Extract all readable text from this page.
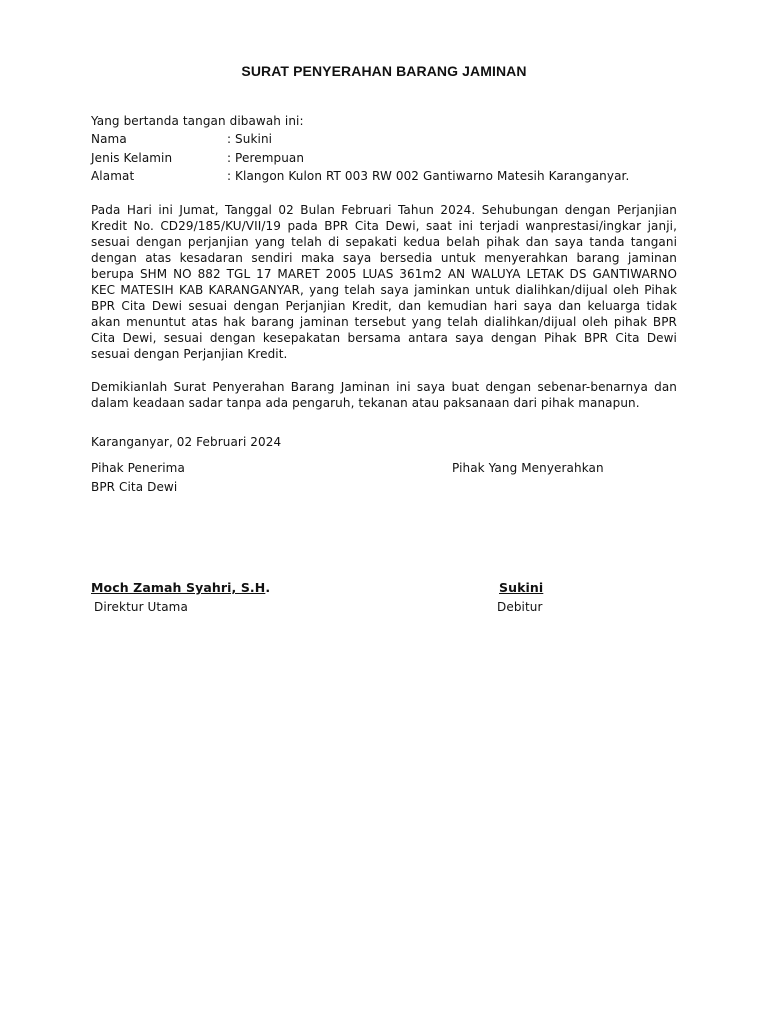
SURAT PENYERAHAN BARANG JAMINAN
Yang bertanda tangan dibawah ini:
Nama	: Sukini
Jenis Kelamin	: Perempuan
Alamat	: Klangon Kulon RT 003 RW 002 Gantiwarno Matesih Karanganyar.
Pada Hari ini Jumat, Tanggal 02 Bulan Februari Tahun 2024. Sehubungan dengan Perjanjian Kredit No. CD29/185/KU/VII/19 pada BPR Cita Dewi, saat ini terjadi wanprestasi/ingkar janji, sesuai dengan perjanjian yang telah di sepakati kedua belah pihak dan saya tanda tangani dengan atas kesadaran sendiri maka saya bersedia untuk menyerahkan barang jaminan berupa SHM NO 882 TGL 17 MARET 2005 LUAS 361m2 AN WALUYA LETAK DS GANTIWARNO KEC MATESIH KAB KARANGANYAR, yang telah saya jaminkan untuk dialihkan/dijual oleh Pihak BPR Cita Dewi sesuai dengan Perjanjian Kredit, dan kemudian hari saya dan keluarga tidak akan menuntut atas hak barang jaminan tersebut yang telah dialihkan/dijual oleh pihak BPR Cita Dewi, sesuai dengan kesepakatan bersama antara saya dengan Pihak BPR Cita Dewi sesuai dengan Perjanjian Kredit.
Demikianlah Surat Penyerahan Barang Jaminan ini saya buat dengan sebenar-benarnya dan dalam keadaan sadar tanpa ada pengaruh, tekanan atau paksanaan dari pihak manapun.
Karanganyar, 02 Februari 2024
Pihak Penerima
BPR Cita Dewi
Moch Zamah Syahri, S.H.
Direktur Utama
Pihak Yang Menyerahkan
Sukini
Debitur
